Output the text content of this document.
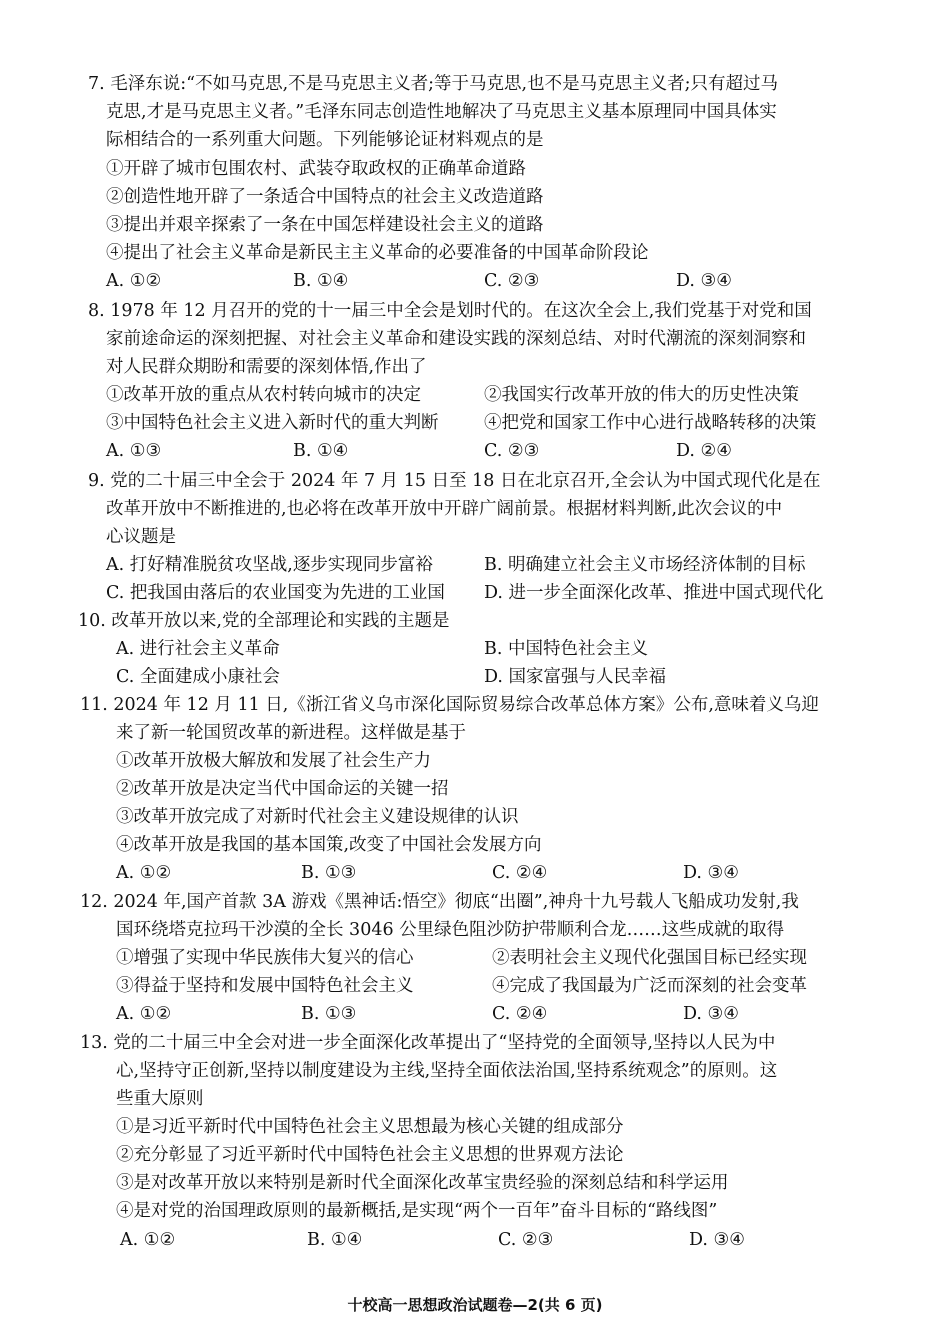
7. 毛泽东说:“不如马克思,不是马克思主义者;等于马克思,也不是马克思主义者;只有超过马
克思,才是马克思主义者。”毛泽东同志创造性地解决了马克思主义基本原理同中国具体实
际相结合的一系列重大问题。下列能够论证材料观点的是
①开辟了城市包围农村、武装夺取政权的正确革命道路
②创造性地开辟了一条适合中国特点的社会主义改造道路
③提出并艰辛探索了一条在中国怎样建设社会主义的道路
④提出了社会主义革命是新民主主义革命的必要准备的中国革命阶段论
A. ①②	B. ①④	C. ②③	D. ③④
8. 1978 年 12 月召开的党的十一届三中全会是划时代的。在这次全会上,我们党基于对党和国
家前途命运的深刻把握、对社会主义革命和建设实践的深刻总结、对时代潮流的深刻洞察和
对人民群众期盼和需要的深刻体悟,作出了
①改革开放的重点从农村转向城市的决定	②我国实行改革开放的伟大的历史性决策
③中国特色社会主义进入新时代的重大判断	④把党和国家工作中心进行战略转移的决策
A. ①③	B. ①④	C. ②③	D. ②④
9. 党的二十届三中全会于 2024 年 7 月 15 日至 18 日在北京召开,全会认为中国式现代化是在
改革开放中不断推进的,也必将在改革开放中开辟广阔前景。根据材料判断,此次会议的中
心议题是
A. 打好精准脱贫攻坚战,逐步实现同步富裕	B. 明确建立社会主义市场经济体制的目标
C. 把我国由落后的农业国变为先进的工业国 D. 进一步全面深化改革、推进中国式现代化
10. 改革开放以来,党的全部理论和实践的主题是
A. 进行社会主义革命	B. 中国特色社会主义
C. 全面建成小康社会	D. 国家富强与人民幸福
11. 2024 年 12 月 11 日,《浙江省义乌市深化国际贸易综合改革总体方案》公布,意味着义乌迎
来了新一轮国贸改革的新进程。这样做是基于
①改革开放极大解放和发展了社会生产力
②改革开放是决定当代中国命运的关键一招
③改革开放完成了对新时代社会主义建设规律的认识
④改革开放是我国的基本国策,改变了中国社会发展方向
A. ①②	B. ①③	C. ②④	D. ③④
12. 2024 年,国产首款 3A 游戏《黑神话:悟空》彻底“出圈”,神舟十九号载人飞船成功发射,我
国环绕塔克拉玛干沙漠的全长 3046 公里绿色阻沙防护带顺利合龙……这些成就的取得
①增强了实现中华民族伟大复兴的信心	②表明社会主义现代化强国目标已经实现
③得益于坚持和发展中国特色社会主义	④完成了我国最为广泛而深刻的社会变革
A. ①②	B. ①③	C. ②④	D. ③④
13. 党的二十届三中全会对进一步全面深化改革提出了“坚持党的全面领导,坚持以人民为中
心,坚持守正创新,坚持以制度建设为主线,坚持全面依法治国,坚持系统观念”的原则。这
些重大原则
①是习近平新时代中国特色社会主义思想最为核心关键的组成部分
②充分彰显了习近平新时代中国特色社会主义思想的世界观方法论
③是对改革开放以来特别是新时代全面深化改革宝贵经验的深刻总结和科学运用
④是对党的治国理政原则的最新概括,是实现“两个一百年”奋斗目标的“路线图”
A. ①②	B. ①④	C. ②③	D. ③④
十校高一思想政治试题卷—2(共 6 页)
